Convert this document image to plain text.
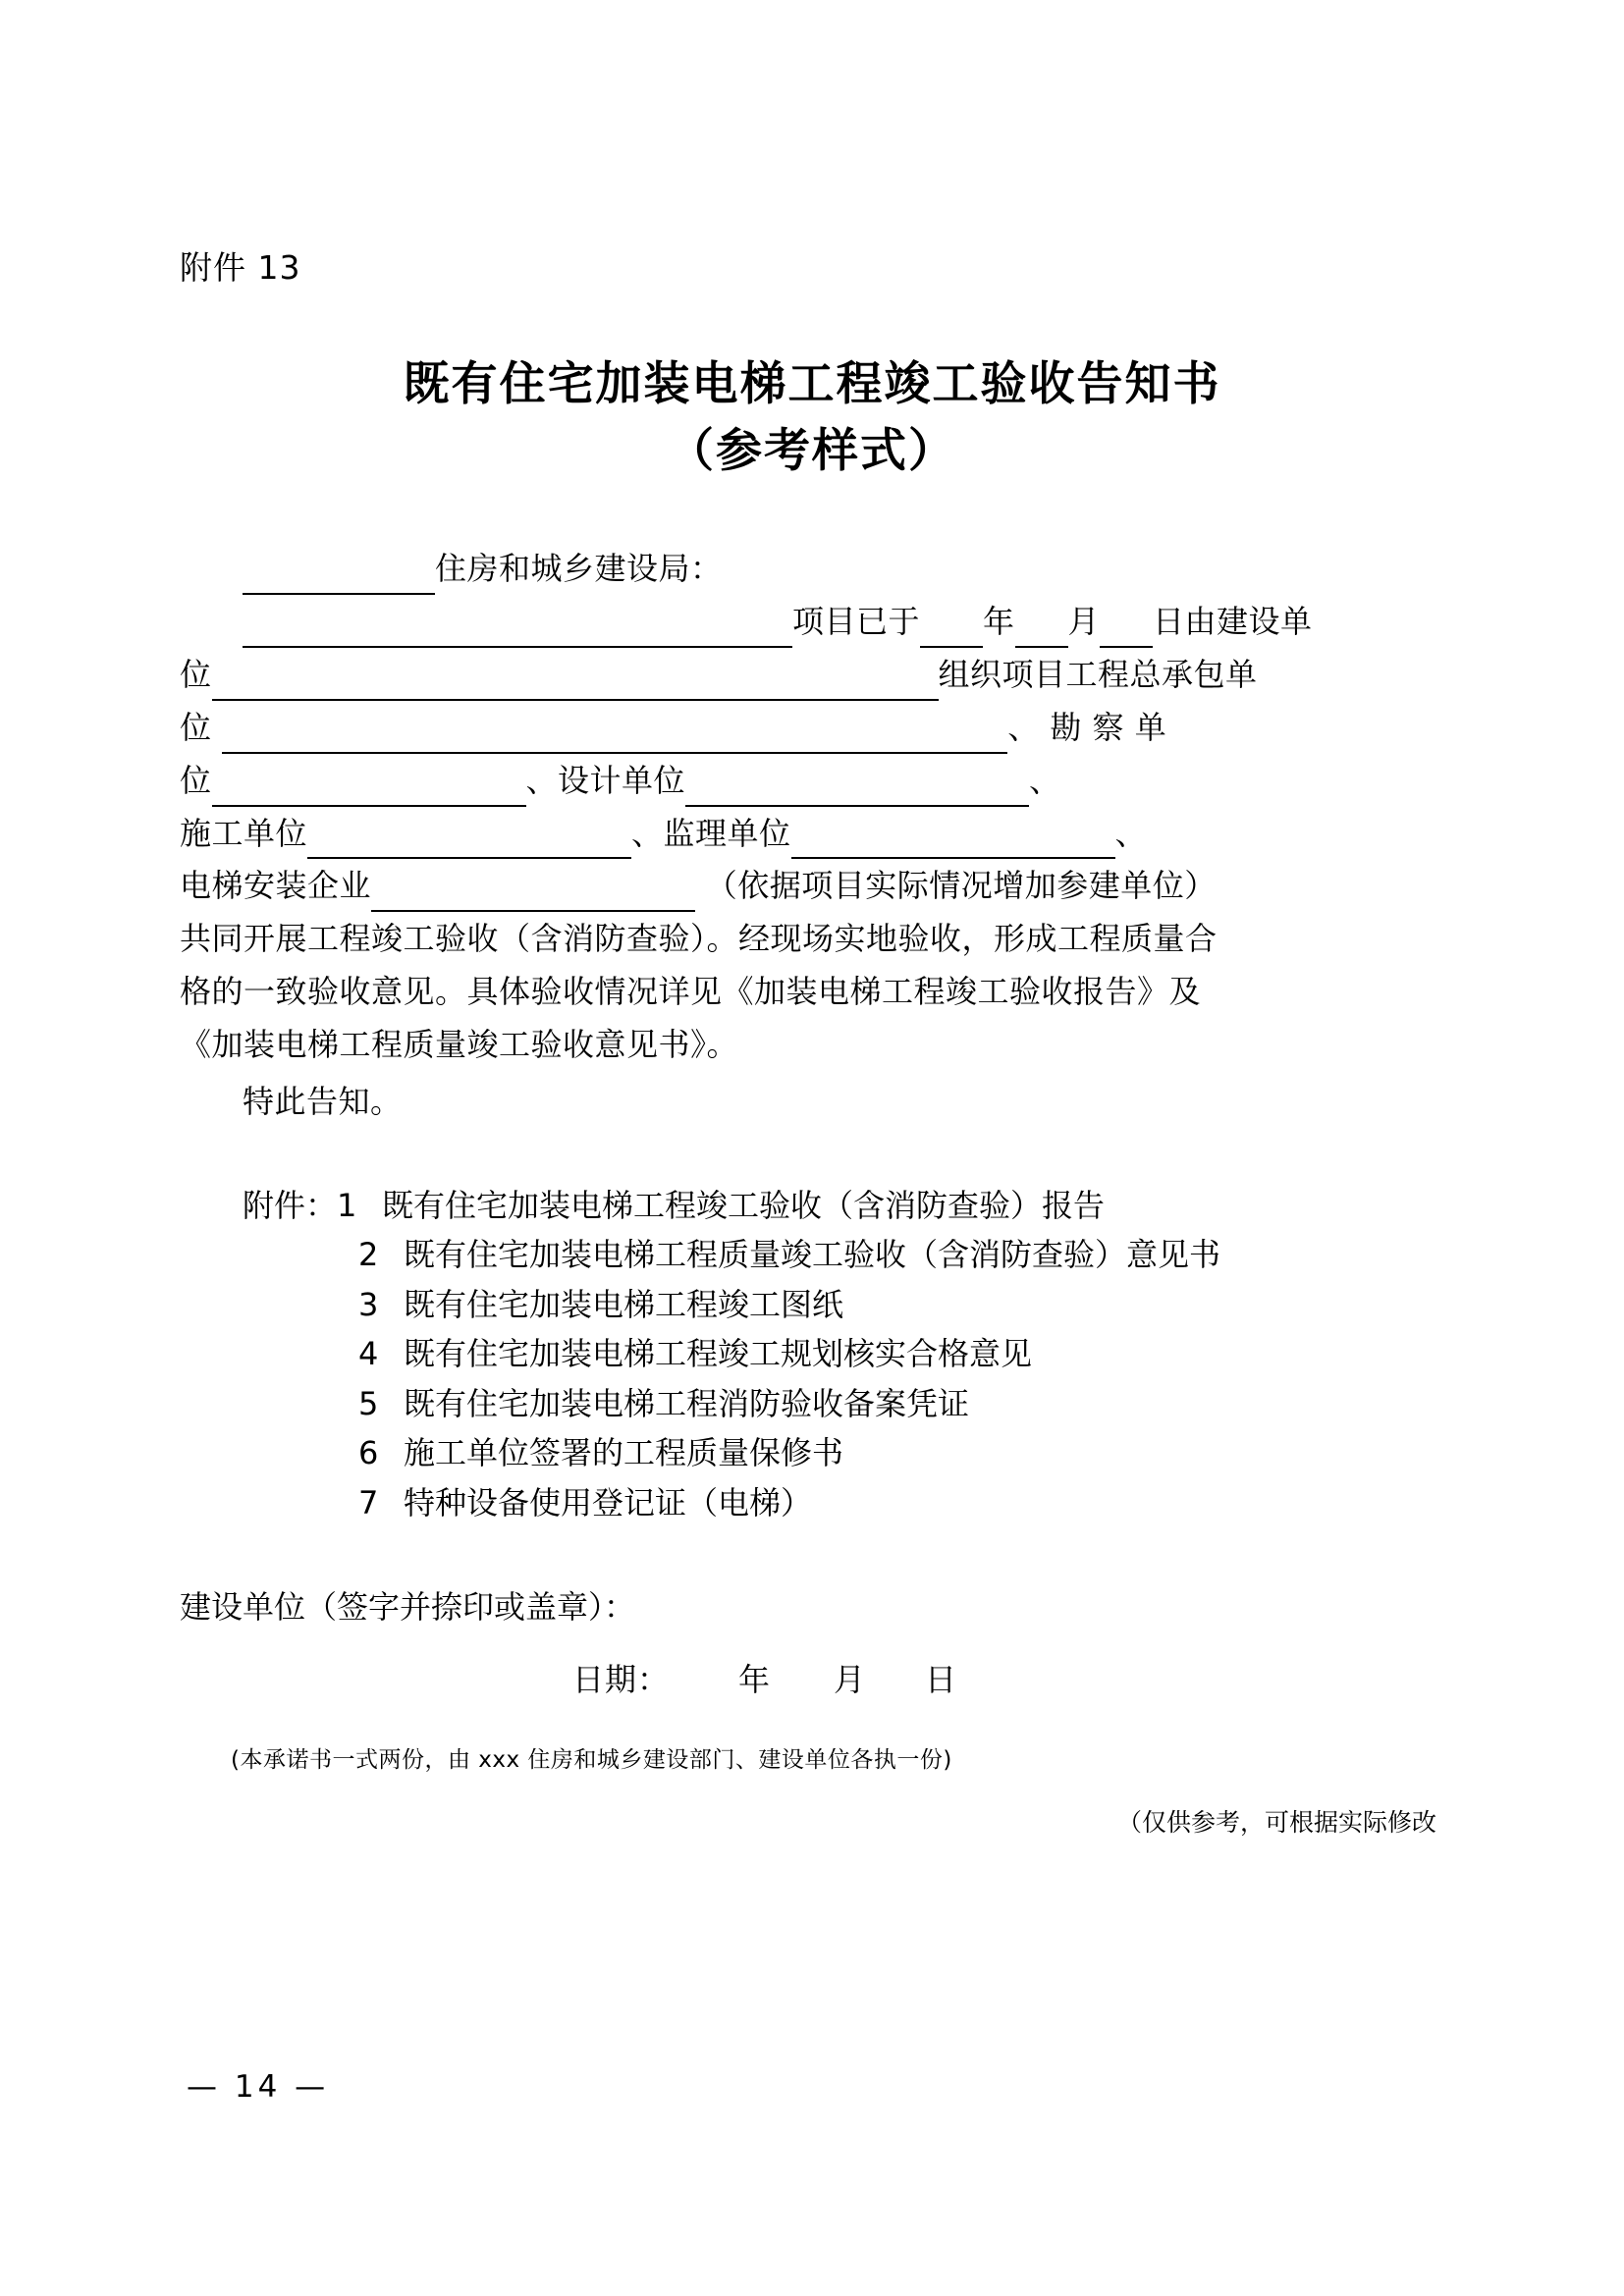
附件 13
既有住宅加装电梯工程竣工验收告知书
（参考样式）
住房和城乡建设局：
项目已于 年 月 日由建设单
位	组织项目工程总承包单
位	、 勘 察 单
位	、设计单位	、
施工单位	、监理单位	、
电梯安装企业	（依据项目实际情况增加参建单位）
共同开展工程竣工验收（含消防查验）。经现场实地验收，形成工程质量合
格的一致验收意见。具体验收情况详见《加装电梯工程竣工验收报告》及
《加装电梯工程质量竣工验收意见书》。
特此告知。
附件： 1 既有住宅加装电梯工程竣工验收（含消防查验）报告
2 既有住宅加装电梯工程质量竣工验收（含消防查验）意见书
3 既有住宅加装电梯工程竣工图纸
4 既有住宅加装电梯工程竣工规划核实合格意见
5 既有住宅加装电梯工程消防验收备案凭证
6 施工单位签署的工程质量保修书
7 特种设备使用登记证（电梯）
建设单位（签字并捺印或盖章）：
日期： 年 月 日
(本承诺书一式两份，由 xxx 住房和城乡建设部门、建设单位各执一份)
（仅供参考，可根据实际修改
— 14 —
